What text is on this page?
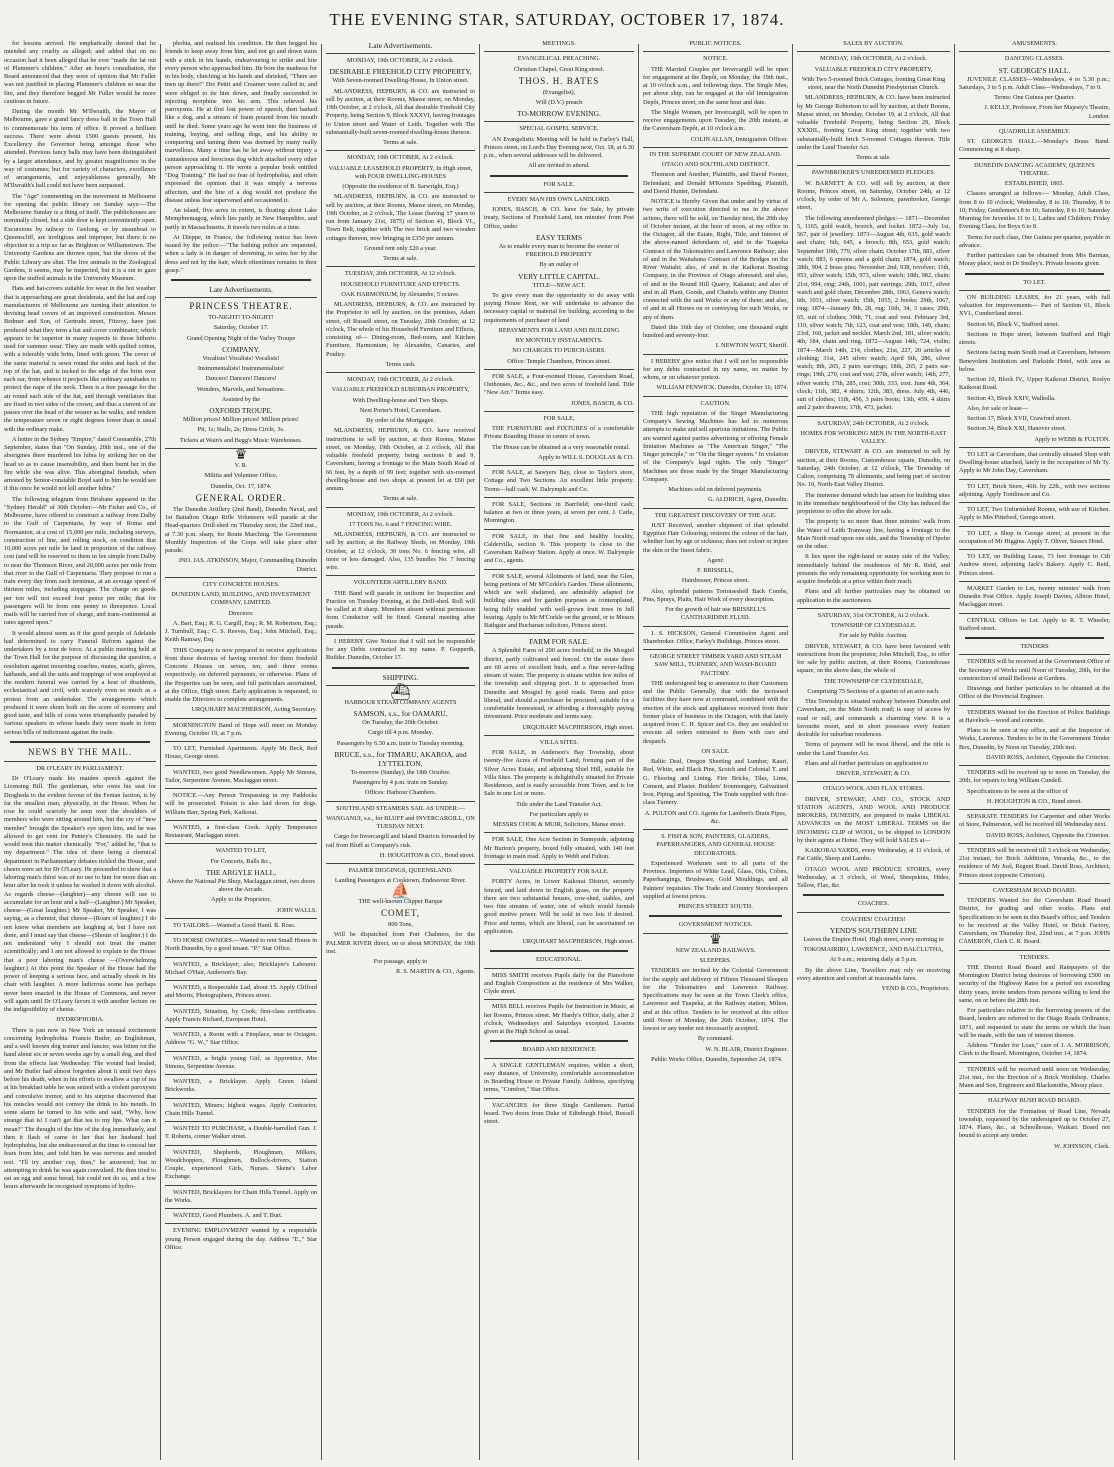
THE EVENING STAR, SATURDAY, OCTOBER 17, 1874.

for lessons arrived. He emphatically denied that he intended any cruelty as alleged; and added that on no occasion had it been alleged that he ever "made the fat out of Plummer's children." After an hour's consultation, the Board announced that they were of opinion that Mr Fuller was not justified in placing Plummer's children so near the fire, and they therefore begged Mr Fuller would be more cautious in future.

During the month Mr M'Ilwraith, the Mayor of Melbourne, gave a grand fancy dress ball in the Town Hall to commemorate his term of office. It proved a brilliant success. There were about 1500 guests present, his Excellency the Governor being amongst those who attended. Previous fancy balls may have been distinguished by a larger attendance, and by greater magnificence in the way of costumes; but for variety of characters, excellence of arrangements, and enjoyableness generally, Mr M'Ilwraith's ball could not have been surpassed.

The "Age" commenting on the movement in Melbourne for opening the public library on Sunday says:—The Melbourne Sunday is a thing of itself. The publichouses are nominally closed, but a side door is kept conveniently open. Excursions by railway to Geelong, or by steamboat to Queenscliff, are irreligious and improper, but there is no objection to a trip so far as Brighton or Williamstown. The University Gardens are thrown open, but the doors of the Public Library are shut. The live animals in the Zoological Gardens, it seems, may be inspected, but it is a sin to gaze upon the stuffed animals in the University Museum.

Hats and hat-covers suitable for wear in the hot weather that is approaching are great desiderata, and the hat and cap manufacturers of Melbourne are turning their attention to devising head covers of an improved construction. Messrs Bedmer and Son, of Gertrude street, Fitzroy, have just produced what they term a hat and cover combinator, which appears to be superior in many respects to those hitherto used for summer wear. They are made with quilted cotton, with a tolerably wide brim, lined with green. The cover of the same material is sewn round the sides and back of the top of the hat, and is tucked to the edge of the brim over each ear, from whence it projects like ordinary sunshades to protect the nape of the neck. There is a free passage for the air round each side of the hat, and through ventilators that are fixed in two sides of the crown, and thus a current of air passes over the head of the wearer as he walks, and renders the temperature seven or eight degrees lower than is usual with the ordinary make.

A hotter in the Sydney "Empire," dated Coonamble, 27th September, states that "On Sunday, 20th inst., one of the aborigines there murdered his lubra by striking her on the head so as to cause insensibility, and then burnt her in the fire while she was alive. This aboriginal fiendish, when arrested by Senior-constable Boyd said to him he would see if this once he would not kill another lubra."

The following telegram from Brisbane appeared in the "Sydney Herald" of 30th October:—Mr Fisher and Co., of Melbourne, have offered to construct a railway from Dalby to the Gulf of Carpentaria, by way of Roma and Normanton, at a cost of 15,000 per mile, including surveys, construction of line, and rolling stock, on condition that 10,000 acres per mile be land in proportion of the railway cost (and will be reserved to them in fee simple from Dalby to near the Thomson River, and 20,000 acres per mile from that river to the Gulf of Carpentaria. They propose to run a train every day from each terminus, at an average speed of thirteen miles, including stoppages. The charge on goods per ton will not exceed four pence per mile; that for passengers will be from one penny to threepence. Local mails will be carried free of charge, and trans-continental at rates agreed upon."

It would almost seem as if the good people of Adelaide had determined to carry Funeral Reform against the undertakers by a tour de force. At a public meeting held at the Town Hall for the purpose of discussing the question, a resolution against mourning coaches, mutes, scarfs, gloves, hatbands, and all the suits and trappings of woe employed at the modern funeral was carried by a host of dissidents, ecclesiastical and civil, with scarcely even so much as a protest from an undertaker. The arrangements which produced it were shorn both on the score of economy and good taste, and bills of costs were triumphantly paraded by various speakers in whose hands they were made to form serious bills of indictment against the trade.

NEWS BY THE MAIL.

DR O'LEARY IN PARLIAMENT.

Dr O'Leary made his maiden speech against the Licensing Bill. The gentleman, who owes his seat for Drogheda to the evident favour of the Fenian faction, is by far the smallest man, physically, in the House. When he rose he could scarcely be seen over the shoulders of members who were sitting around him, but the cry of "new member" brought the Speaker's eye upon him, and he was allowed to get vent for Pentey's Chemistry. He said he would treat this matter chemically. "For," added he, "that is my department." The idea of there being a chemical department in Parliamentary debates tickled the House, and cheers were set for Dr O'Leary. He proceeded to show that a laboring man's thirst was of no use to him for more than an hour after he took it unless he washed it down with alcohol. As regards cheese—(laughter)—any cheese will use to accumulate for an hour and a half—(Laughter.) Mr Speaker, cheese—(Great laughter.) Mr Speaker, Mr Speaker, I was saying, as a chemist, that cheese—(Roars of laughter.) I do not know what members are laughing at, but I have not done, and I must say that cheese—(Shouts of laughter.) I do not understand why I should not treat the matter scientifically; and I am not allowed to explain to the House that a poor laboring man's cheese —(Overwhelming laughter.) At this point the Speaker of the House had the power of keeping a serious face, and actually shook in his chair with laughter. A more ludicrous scene has perhaps never been enacted in the House of Commons, and never will again until Dr O'Leary favors it with another lecture on the indigestibility of cheese.

HYDROPHOBIA.

There is just now in New York an unusual excitement concerning hydrophobia. Francis Butler, an Englishman, and a well known dog trainer and fancier, was bitten on the hand about six or seven weeks ago by a small dog, and died from the effects last Wednesday. The wound had healed, and Mr Butler had almost forgotten about it until two days before his death, when in his efforts to swallow a cup of tea at his breakfast table he was seized with a violent paroxysm and convulsive tremor, and to his surprise discovered that his muscles would not convey the drink to his mouth. In some alarm he turned to his wife and said, "Why, how strange that is! I can't get that tea to my lips. What can it mean?" The thought of the bite of the dog immediately, and then it flash of came to her that her husband had hydrophobia, but she endeavoured at the time to conceal her fears from him, and told him he was nervous and needed rest. "I'll try another cup, then," he answered; but in attempting to drink he was again convulsed. He then tried to eat an egg and some bread, but could not do so, and a few hours afterwards he recognised symptoms of hydro-

phobia, and realised his condition. He then begged his friends to keep away from him, and not go and down stairs with a stick in his hands, endeavouring to strike and bite every person who approached him. He bore the madness for in his body, clutching at his hands and shrieked, "There are men up there!" Drs Pettit and Creamer were called in, and were obliged to tie him down, and finally succeeded in injecting morphine into his arm. This relieved his paroxysms. He at first lost power of speech, then barked like a dog, and a stream of foam poured from his mouth until he died. Some years ago he went into the business of training, buying, and selling dogs, and his ability in conquering and taming them was deemed by many really marvellous. Many a time has he let away without injury a cantankerous and ferocious dog which attacked every other person approaching it. He wrote a popular book entitled "Dog Training." He had no fear of hydrophobia, and often expressed the opinion that it was simply a nervous affection, and the bite of a dog would not produce the disease unless fear supervened and occasioned it.

An island, five acres in extent, is floating about Lake Memphremagog, which lies partly in New Hampshire, and partly in Massachusetts. It travels two miles at a time.

At Dieppe, in France, the following notice has been issued by the police:—"The bathing police are requested, when a lady is in danger of drowning, to seize her by the dress and not by the hair, which oftentimes remains in their grasp."

Late Advertisements.

PRINCESS THEATRE.

TO-NIGHT! TO-NIGHT!

Saturday, October 17.

Grand Opening Night of the Varley Troupe

COMPANY.

Vocalists! Vocalists! Vocalists!

Instrumentalists! Instrumentalists!

Dancers! Dancers! Dancers!

Wonders, Marvels, and Sensations.

Assisted by the

OXFORD TROUPE.

Million prices! Million prices! Million prices!

Pit, 1s; Stalls, 2s; Dress Circle, 3s.

Tickets at Wain's and Begg's Music Warehouses.

♛

V. R.

Militia and Volunteer Office,

Dunedin, Oct. 17, 1874.

GENERAL ORDER.

The Dunedin Artillery (2nd Band), Dunedin Naval, and 1st Battalion Otago Rifle Volunteers will parade at the Head-quarters Drill-shed on Thursday next, the 22nd inst., at 7.30 p.m. sharp, for Route Marching. The Government Monthly Inspection of the Corps will take place after parade.

JNO. JAS. ATKINSON, Major, Commanding Dunedin District.

CITY CONCRETE HOUSES.

DUNEDIN LAND, BUILDING, AND INVESTMENT COMPANY, LIMITED.

Directors:

A. Bart, Esq.; R. G. Cargill, Esq.; R. M. Robertson, Esq.; J. Turnbull, Esq.; C. S. Reeves, Esq.; John Mitchell, Esq.; Keith Ramsay, Esq.

THIS Company is now prepared to receive applications from those desirous of having erected for them freehold Concrete Houses on seven, ten, and three rooms respectively, on deferred payments, or otherwise. Plans of the Properties can be seen, and full particulars ascertained, at the Office, High street. Early application is requested, to enable the Directors to complete arrangements.

URQUHART MACPHERSON, Acting Secretary.

MORNINGTON Band of Hope will meet on Monday Evening, October 19, at 7 p.m.

TO LET, Furnished Apartments. Apply Mr Beck, Red House, George street.

WANTED, two good Needlewomen. Apply Mr Simons, Tailor, Serpentine Avenue, Maclaggan street.

NOTICE.—Any Person Trespassing in my Paddocks will be prosecuted. Poison is also laid down for dogs. William Barr, Spring Park, Kaikorai.

WANTED, a first-class Cook. Apply Temperance Restaurant, Maclaggan street.

WANTED TO LET,

For Concerts, Balls &c.,

THE ARGYLE HALL,

Above the National Pie Shop, Maclaggan street, two doors above the Arcade.

Apply to the Proprietor,

JOHN WALLS.

TO TAILORS.—Wanted a Good Hand. R. Ross.

TO HORSE OWNERS.—Wanted to rent Small House in North Dunedin, by a good tenant. "P." Star Office.

WANTED, a Bricklayer; also, Bricklayer's Labourer. Michael O'Hair, Anderson's Bay.

WANTED, a Respectable Lad, about 15. Apply Clifford and Morris, Photographers, Princes street.

WANTED, Situation, by Cook; first-class certificates. Apply Francis Richard, European Hotel.

WANTED, a Room with a Fireplace, near to Octagon. Address "G. W.," Star Office.

WANTED, a bright young Girl, as Apprentice. Mrs Simons, Serpentine Avenue.

WANTED, a Bricklayer. Apply Green Island Brickworks.

WANTED, Miners; highest wages. Apply Contractor, Chain Hills Tunnel.

WANTED TO PURCHASE, a Double-barrelled Gun. J. T. Roberts, corner Walker street.

WANTED, Shepherds, Ploughmen, Milkers, Woodchoppers, Ploughmen, Bullock-drivers, Station Couple, experienced Girls, Nurses. Skene's Labor Exchange.

WANTED, Bricklayers for Chain Hills Tunnel. Apply on the Works.

WANTED, Good Plumbers. A. and T. Burt.

EVENING EMPLOYMENT wanted by a respectable young Person engaged during the day. Address "E.," Star Office.

Late Advertisements.

MONDAY, 19th OCTOBER, At 2 o'clock.

DESIRABLE FREEHOLD CITY PROPERTY,

With Seven-roomed Dwelling-House, In Union street.

MLANDRESS, HEPBURN, & CO. are instructed to sell by auction, at their Rooms, Manse street, on Monday, 19th October, at 2 o'clock, All that desirable Freehold City Property, being Section 9, Block XXXVI, having frontages to Union street and Water of Leith. Together with The substantially-built seven-roomed dwelling-house thereon.

Terms at sale.

MONDAY, 19th OCTOBER, At 2 o'clock.

VALUABLE LEASEHOLD PROPERTY, In High street, with FOUR DWELLING-HOUSES

(Opposite the residence of B. Sarwright, Esq.)

MLANDRESS, HEPBURN, & CO. are instructed to sell by auction, at their Rooms, Manse street, on Monday, 19th October, at 2 o'clock, The Lease (having 17 years to run from January 21st, 1875) of Section 41, Block VI., Town Belt, together with The two brick and two wooden cottages thereon, now bringing in £350 per annum.

Ground rent only £20 a year.

Terms at sale.

TUESDAY, 20th OCTOBER, At 12 o'clock.

HOUSEHOLD FURNITURE AND EFFECTS.

OAK HARMONIUM, by Alexandre, 5 octave.

MLANDRESS, HEPBURN, & CO. are instructed by the Proprietor to sell by auction, on the premises, Adam street, off Russell street, on Tuesday, 20th October, at 12 o'clock, The whole of his Household Furniture and Effects, consisting of— Dining-room, Bed-room, and Kitchen Furniture, Harmonium, by Alexandre, Canaries, and Poultry.

Terms cash.

MONDAY, 19th OCTOBER, At 2 o'clock.

VALUABLE FREEHOLD SUBURBAN PROPERTY,

With Dwelling-house and Two Shops.

Next Porter's Hotel, Caversham.

By order of the Mortgagee.

MLANDRESS, HEPBURN, & CO. have received instructions to sell by auction, at their Rooms, Manse street, on Monday, 19th October, at 2 o'clock, All that valuable freehold property, being sections 8 and 9, Caversham, having a frontage to the Main South Road of 66 feet, by a depth of 99 feet; together with six-roomed dwelling-house and two shops at present let at £60 per annum.

Terms at sale.

MONDAY, 19th OCTOBER, At 2 o'clock.

17 TONS No. 6 and 7 FENCING WIRE.

MLANDRESS, HEPBURN, & CO. are instructed to sell by auction, at the Railway Sheds, on Monday, 19th October, at 12 o'clock, 30 tons No. 6 fencing wire, all more or less damaged. Also, 135 bundles No. 7 fencing wire.

VOLUNTEER ARTILLERY BAND.

THE Band will parade in uniform for Inspection and Practice on Tuesday Evening, at the Drill-shed. Roll will be called at 8 sharp. Members absent without permission from Conductor will be fined. General meeting after parade.

I HEREBY Give Notice that I will not be responsible for any Debts contracted in my name. P. Gopperth, Builder. Dunedin, October 17.

SHIPPING.

⛴

HARBOUR STEAM COMPANY AGENTS

SAMSON, s.s., for OAMARU,

On Tuesday, the 20th October.

Cargo till 4 p.m. Monday.

Passengers by 6.30 a.m. train to Tuesday morning.

BRUCE, s.s., for TIMARU, AKAROA, and LYTTELTON,

To-morrow (Sunday), the 18th October.

Passengers by 4 p.m. train on Sunday.

Offices: Harbour Chambers.

SOUTHLAND STEAMERS SAIL AS UNDER:—

WANGANUI, s.s., for BLUFF and INVERCARGILL, ON TUESDAY NEXT.

Cargo for Invercargill and Island Districts forwarded by rail from Bluff at Company's risk.

H. HOUGHTON & CO., Bond street.

PALMER DIGGINGS, QUEENSLAND.

Landing Passengers at Cooktown, Endeavour River.

⛵

THE well-known Clipper Barque

COMET,

800 Tons,

Will be dispatched from Port Chalmers, for the PALMER RIVER direct, on or about MONDAY, the 19th inst.

For passage, apply to

R. S. MARTIN & CO., Agents.

MEETINGS.

EVANGELICAL PREACHING.

Christian Chapel, Great King street.

THOS. H. BATES

(Evangelist),

Will (D.V.) preach

TO-MORROW EVENING.

SPECIAL GOSPEL SERVICE.

AN Evangelistic Meeting will be held in Farley's Hall, Princes street, on Lord's Day Evening next, Oct. 18, at 6.30 p.m., when several addresses will be delivered.

All are invited to attend.

FOR SALE.

EVERY MAN HIS OWN LANDLORD.

JONES, BASCH, & CO. have for Sale, by private treaty, Sections of Freehold Land, ten minutes' from Post Office, under

EASY TERMS

As to enable every man to become the owner of FREEHOLD PROPERTY

By an outlay of

VERY LITTLE CAPITAL.

TITLE—NEW ACT.

To give every man the opportunity to do away with paying House Rent, we will undertake to advance the necessary capital or material for building, according to the requirements of purchaser of land

REPAYMENTS FOR LAND AND BUILDING

BY MONTHLY INSTALMENTS.

NO CHARGES TO PURCHASERS.

Office: Temple Chambers, Princes street.

FOR SALE, a Four-roomed House, Caversham Road, Outhouses, &c., &c., and two acres of freehold land. Title "New Act." Terms easy.

JONES, BASCH, & CO.

FOR SALE,

THE FURNITURE and FIXTURES of a comfortable Private Boarding House in centre of town.

The House can be obtained at a very reasonable rental.

Apply to WILL S. DOUGLAS & CO.

FOR SALE, at Sawyers Bay, close to Taylor's store, Cottage and Two Sections. An excellent little property. Terms—half cash. W. Dalrymple and Co.

FOR SALE, Sections in Barrfield; one-third cash; balance at two or three years, at seven per cent. J. Carle, Mornington.

FOR SALE, in that fine and healthy locality, Caldervilla, section 9. This property is close to the Caversham Railway Station. Apply at once. W. Dalrymple and Co., agents.

FOR SALE, several Allotments of land, near the Glen, being portions of Mr M'Corkle's Garden. These allotments, which are well sheltered, are admirably adapted for building sites and for garden purposes as contemplated, being fully studded with well-grown fruit trees in full bearing. Apply to Mr M'Corkle on the ground, or to Messrs Bathgate and Buchanan solicitors, Princes street.

FARM FOR SALE.

A Splendid Farm of 200 acres freehold, in the Mosgiel district, partly cultivated and fenced. On the estate there are 60 acres of excellent bush, and a fine never-failing stream of water. The property is situate within few miles of the township and shipping port. It is approached from Dunedin and Mosgiel by good roads. Terms and price liberal, and should a purchaser be procured, suitable for a comfortable homestead, or affording a thoroughly paying investment. Price moderate and terms easy.

URQUHART MACPHERSON, High street.

VILLA SITES.

FOR SALE, in Anderson's Bay Township, about twenty-five Acres of Freehold Land, forming part of the Silver Acres Estate, and adjoining Shiel Hill, suitable for Villa Sites. The property is delightfully situated for Private Residences, and is easily accessible from Town, and is for Sale in one Lot or more.

Title under the Land Transfer Act.

For particulars apply to

MESSRS COOK & MUIR, Solicitors, Manse street.

FOR SALE, One Acre Section in Sunnyside, adjoining Mr Burton's property, boxed fully situated, with 140 feet frontage to main road. Apply to Webb and Fulton.

VALUABLE PROPERTY FOR SALE.

FORTY Acres, in Lower Kaikorai District, securely fenced, and laid down in English grass, on the property there are two substantial houses, cow-shed, stables, and two fine streams of water, one of which would furnish good motive power. Will be sold in two lots if desired. Price and terms, which are liberal, can be ascertained on application.

URQUHART MACPHERSON, High street.

EDUCATIONAL.

MISS SMITH receives Pupils daily for the Pianoforte and English Composition at the residence of Mrs Walker, Clyde street.

MISS BELL receives Pupils for Instruction in Music, at her Rooms, Princes street. Mr Hardy's Office, daily, after 2 o'clock, Wednesdays and Saturdays excepted. Lessons given at the High School as usual.

BOARD AND RESIDENCE

A SINGLE GENTLEMAN requires, within a short, easy distance, of University, comfortable accommodation in Boarding House or Private Family. Address, specifying terms, "Comfort," Star Office.

VACANCIES for three Single Gentlemen. Partial board. Two doors from Duke of Edinburgh Hotel, Russell street.

PUBLIC NOTICES.

NOTICE.

THE Married Couples per Invercargill will be open for engagement at the Depôt, on Monday, the 19th inst., at 10 o'clock a.m., and following days. The Single Men, per above ship, can be engaged at the old Immigration Depôt, Princes street, on the same hour and date.

The Single Women, per Invercargill, will be open to receive engagements upon Tuesday, the 20th instant, at the Caversham Depôt, at 10 o'clock a.m.

COLIN ALLAN, Immigration Officer.

IN THE SUPREME COURT OF NEW ZEALAND.

OTAGO AND SOUTHLAND DISTRICT.

Thomson and Another, Plaintiffs, and David Forster, Defendant; and Donald M'Kenzie Spedding, Plaintiff, and David Hunter, Defendant.

NOTICE is Hereby Given that under and by virtue of two writs of execution directed to me in the above actions, there will be sold, on Tuesday next, the 20th day of October instant, at the hour of noon, at my office in the Octagon, all the Estate, Right, Title, and Interest of the above-named defendants of, and in the Tuapeka Contract of the Tokomairiro and Lawrence Railway; also of and in the Waitahuna Contract of the Bridges on the River Waitahi; also, of and in the Kaikorai Boating Company, in the Province of Otago aforesaid; and also, of and in the Round Hill Quarry, Kakanui; and also of and in all Plant, Goods, and Chattels within any District connected with the said Works or any of them; and also, of and in all Horses on or conveying for such Works, or any of them.

Dated this 16th day of October, one thousand eight hundred and seventy-four.

I. NEWTON WATT, Sheriff.

I HEREBY give notice that I will not be responsible for any debts contracted in my name, no matter by whom, or on whatever pretext.

WILLIAM FENWICK. Dunedin, October 16, 1874.

CAUTION.

THE high reputation of the Singer Manufacturing Company's Sewing Machines has led to numerous attempts to make and sell spurious imitations. The Public are warned against parties advertising or offering Female Imitation Machines as "The American Singer," "The Singer principle," or "On the Singer system." In violation of the Company's legal rights. The only "Singer" Machines are those made by the Singer Manufacturing Company.

Machines sold on deferred payments.

G. ALDRICH, Agent, Dunedin.

THE GREATEST DISCOVERY OF THE AGE.

JUST Received, another shipment of that splendid Egyptian Hair Colouring; restores the colour of the hair, whether lost by age or sickness; does not colour or injure the skin or the finest fabric.

Agent:

F. BRISSELL,

Hairdresser, Princes street.

Also, splendid patterns Tortoiseshell Back Combs, Pins, Sprays, Plaits, Hair Work of every description.

For the growth of hair use BRISSELL'S CANTHARIDINE FLUID.

J. S. HICKSON, General Commission Agent and Sharebroker. Office, Farley's Buildings, Princes street.

GEORGE STREET TIMBER YARD AND STEAM SAW MILL, TURNERY, AND WASH-BOARD FACTORY.

THE undersigned beg to announce to their Customers and the Public Generally, that with the increased facilities they have now at command, combined with the erection of the stock and appliances received from their former place of business in the Octagon, with that lately acquired from C. H. Spicer and Co. they are enabled to execute all orders entrusted to them with care and despatch.

ON SALE.

Baltic Deal, Oregon Sheeting and Lumber, Kauri, Red, White, and Black Pine, Scotch and Colonial T. and G. Flooring and Lining. Fire Bricks, Tiles, Lime, Cement, and Plaster. Builders' Ironmongery, Galvanised Iron, Piping, and Spouting. The Trade supplied with first-class Turnery.

A. PULTON and CO. Agents for Lambert's Drain Pipes, &c.

S. FISH & SON, PAINTERS, GLAZIERS, PAPERHANGERS, AND GENERAL HOUSE DECORATORS.

Experienced Workmen sent to all parts of the Province. Importers of White Lead, Glass, Oils, Colors, Paperhangings, Brushware, Gold Mouldings, and all Painters' requisites. The Trade and Country Storekeepers supplied at lowest prices.

PRINCES STREET SOUTH.

GOVERNMENT NOTICES.

♛

NEW ZEALAND RAILWAYS.

SLEEPERS.

TENDERS are invited by the Colonial Government for the supply and delivery of Fifteen Thousand Sleepers for the Tokomairiro and Lawrence Railway. Specifications may be seen at the Town Clerk's office, Lawrence and Tuapeka, at the Railway station, Milton, and at this office. Tenders to be received at this office until Noon of Monday, the 26th October, 1874. The lowest or any tender not necessarily accepted.

By command.

W. N. BLAIR, District Engineer.

Public Works Office, Dunedin, September 24, 1874.

SALES BY AUCTION.

MONDAY, 19th OCTOBER, At 2 o'clock.

VALUABLE FREEHOLD CITY PROPERTY,

With Two 5-roomed Brick Cottages, fronting Great King street, near the North Dunedin Presbyterian Church.

MLANDRESS, HEPBURN, & CO. have been instructed by Mr George Robertson to sell by auction, at their Rooms, Manse street, on Monday, October 19, at 2 o'clock, All that valuable Freehold Property, being Section 29, Block XXXIII., fronting Great King street; together with two substantially-built brick 5-roomed Cottages thereon. Title under the Land Transfer Act.

Terms at sale.

PAWNBROKER'S UNREDEEMED PLEDGES.

W. BARNETT & CO. will sell by auction, at their Rooms, Princes street, on Saturday, October 24th, at 12 o'clock, by order of Mr A. Solomon, pawnbroker, George street,

The following unredeemed pledges:— 1871—December 5, 1165, gold watch, brooch, and locket. 1872—July 1st, 567, pair of jewellery. 1873—August 4th, 635, gold watch and chain; 6th, 645, a brooch; 8th, 653, gold watch; September 10th, 779, silver chain; October 17th, 881, silver watch; 883, 6 spoons and a gold chain; 1874, gold watch; 28th, 904, 2 brass pins; November 2nd, 938, revolver; 11th, 953, silver watch; 15th, 973, silver watch; 18th, 982, chain; 21st, 994, ring; 24th, 1001, pair earrings; 29th, 1017, silver watch and gold chain; December 28th, 1063, Geneva watch; 6th, 1031, silver watch; 15th, 1055, 2 books; 29th, 1067, ring; 1874—January 9th, 28, rug; 16th, 34, 3 cases; 29th, 65, suit of clothes; 30th, 71, coat and vest. February 3rd, 110, silver watch; 7th, 123, coat and vest; 18th, 149, chain; 23rd, 160, jacket and necklet. March 2nd, 181, silver watch; 4th, 184, chain and ring. 1872—August 14th, 724, violin; 1874—March 14th, 214, clothes; 21st, 227, 20 articles of clothing; 31st, 245 silver watch; April 9th, 286, silver watch; 8th, 265, 2 pairs ear-rings; 18th, 265, 2 pairs ear-rings; 19th, 270, coat and vest; 27th, silver watch; 14th, 277, silver watch; 17th, 285, cost; 30th, 333, cost. June 4th, 364, clock; 11th, 382, 4 shirts; 12th, 383, dress. July 4th, 446, suit of clothes; 11th, 456, 3 pairs boots; 13th, 459, 4 shirts and 2 pairs drawers; 17th, 473, jacket.

SATURDAY, 24th OCTOBER, At 2 o'clock.

HOMES FOR WORKING MEN IN THE NORTH-EAST VALLEY.

DRIVER, STEWART & CO. are instructed to sell by auction, at their Rooms, Customhouse square, Dunedin, on Saturday, 24th October, at 12 o'clock, The Township of Calton, comprising 78 allotments, and being part of section No. 10, North-East Valley District.

The immense demand which has arisen for building sites in the immediate neighbourhood of the City has induced the proprietors to offer the above for sale.

The property is no more than three minutes' walk from the Water of Leith Tramway line, having a frontage to the Main North road upon one side, and the Township of Opoho on the other.

It lies upon the right-hand or sunny side of the Valley, immediately behind the residences of Mr R. Reid, and presents the only remaining opportunity for working men to acquire freeholds at a price within their reach.

Plans and all further particulars may be obtained on application to the auctioneers.

SATURDAY, 31st OCTOBER, At 2 o'clock.

TOWNSHIP OF CLYDESDALE.

For sale by Public Auction.

DRIVER, STEWART, & CO. have been favoured with instructions from the proprietor, John Mitchell, Esq., to offer for sale by public auction, at their Rooms, Customhouse square, on the above date, the whole of

THE TOWNSHIP OF CLYDESDALE,

Comprising 75 Sections of a quarter of an acre each.

This Township is situated midway between Dunedin and Caversham, on the Main South road; is easy of access by road or rail, and commands a charming view. It is a favourite resort, and in short possesses every feature desirable for suburban residences.

Terms of payment will be most liberal, and the title is under the Land Transfer Act.

Plans and all further particulars on application to

DRIVER, STEWART, & CO.

OTAGO WOOL AND FLAX STORES.

DRIVER, STEWART, AND CO., STOCK AND STATION AGENTS, AND WOOL AND PRODUCE BROKERS, DUNEDIN, are prepared to make LIBERAL ADVANCES on the MOST LIBERAL TERMS on the INCOMING CLIP of WOOL, to be shipped to LONDON by their agents at Home. They will hold SALES at—

KAIKORAI YARDS, every Wednesday, at 11 o'clock, of Fat Cattle, Sheep and Lambs.

OTAGO WOOL AND PRODUCE STORES, every Wednesday, at 3 o'clock, of Wool, Sheepskins, Hides, Tallow, Flax, &c.

COACHES.

COACHES! COACHES!

YEND'S SOUTHERN LINE

Leaves the Empire Hotel, High street, every morning to

TOKOMAIRIRO, LAWRENCE, AND BALCLUTHA,

At 9 a.m.; returning daily at 5 p.m.

By the above Line, Travellers may rely on receiving every attention and comfort at reasonable fares.

YEND & CO., Proprietors.

AMUSEMENTS.

DANCING CLASSES.

ST. GEORGE'S HALL.

JUVENILE CLASSES—Wednesdays, 4 to 5.30 p.m.; Saturdays, 3 to 5 p.m. Adult Class—Wednesdays, 7 to 9.

Terms: One Guinea per Quarter.

J. KELLY, Professor, From her Majesty's Theatre, London.

QUADRILLE ASSEMBLY.

ST. GEORGE'S HALL.—Monday's Brass Band. Commencing at 8 sharp.

DUNEDIN DANCING ACADEMY, QUEEN'S THEATRE.

ESTABLISHED, 1865.

Classes arranged as follows:— Monday, Adult Class, from 8 to 10 o'clock; Wednesday, 8 to 10; Thursday, 8 to 10; Friday, Gentlemen's 8 to 10; Saturday, 8 to 10; Saturday Morning for Juveniles 11 to 1; Ladies and Children; Friday Evening Class, for Boys 6 to 8.

Terms for each class, One Guinea per quarter, payable in advance.

Further particulars can be obtained from Mrs Barman, Moray place, next to Dr Smiley's. Private lessons given.

TO LET.

ON BUILDING LEASES, for 21 years, with full valuation for improvements— Part of Section 61, Block XVI., Cumberland street.

Section 66, Block V., Stafford street.

Sections in Hope street, between Stafford and High streets.

Sections facing main South road at Caversham, between Benevolent Institution and Parkside Hotel, with area as below.

Section 10, Block IV., Upper Kaikorai District, Roslyn Kaikorai Road.

Section 43, Block XXIV, Walholla.

Also, for sale or lease—

Section 17, Block XVII, Crawford street.

Section 34, Block XXI, Hanover street.

Apply to WEBB & FULTON.

TO LET at Caversham, that centrally situated Shop with Dwelling-house attached, lately in the occupation of Mr Ty. Apply to Mr John Day, Caversham.

TO LET, Brick Store, 46ft. by 22ft., with two sections adjoining. Apply Tomlinson and Co.

TO LET, Two Unfurnished Rooms, with use of Kitchen. Apply to Mrs Pitteford, George street.

TO LET, a Shop in George street, at present in the occupation of Mr Higgins. Apply T. Oliver, Sussex Hotel.

TO LET, on Building Lease, 73 feet frontage to Cth Andrew street, adjoining Jack's Bakery. Apply C. Reid, Princes street.

MARKET Garden to Let, twenty minutes' walk from Dunedin Post Office. Apply Joseph Davies, Albion Hotel, Maclaggan street.

CENTRAL Offices to Let. Apply to R. T. Wheeler, Stafford street.

TENDERS

TENDERS will be received at the Government Office of the Secretary of Works until Noon of Tuesday, 20th, for the construction of small Bellowie at Gardens.

Drawings and further particulars to be obtained at the Office of the Provincial Engineer.

TENDERS Wanted for the Erection of Police Buildings at Havelock—wood and concrete.

Plans to be seen at my office, and at the Inspector of Works, Lawrence. Tenders to be in the Government Tender Box, Dunedin, by Noon on Tuesday, 20th inst.

DAVID ROSS, Architect, Opposite the Criterion.

TENDERS will be received up to noon on Tuesday, the 20th, for repairs to brig William Cundell.

Specifications to be seen at the office of

H. HOUGHTON & CO., Bond street.

SEPARATE TENDERS for Carpenter and other Works of Store, Palmerston, will be received till Wednesday next.

DAVID ROSS, Architect, Opposite the Criterion.

TENDERS will be received till 3 o'clock on Wednesday, 21st instant, for Brick Additions, Veranda, &c., to the residence of Mr Joel, Regent Road. David Ross, Architect, Princes street (opposite Criterion).

CAVERSHAM ROAD BOARD.

TENDERS Wanted for the Caversham Road Board District, for grading and other works. Plans and Specifications to be seen in this Board's office, and Tenders to be received at the Valley Hotel, or Brick Factory, Caversham, on Thursday first, 22nd inst., at 7 p.m. JOHN CAMERON, Clerk C. R. Board.

TENDERS.

THE District Road Board and Ratepayers of the Mornington District being desirous of borrowing £500 on security of the Highway Rates for a period not exceeding thirty years, invite tenders from persons willing to lend the same, on or before the 28th inst.

For particulars relative to the borrowing powers of the Board, lenders are referred to the Otago Roads Ordinance, 1871, and requested to state the terms on which the loan will be made, with the rate of interest thereon.

Address "Tender for Loan," care of J. A. MORRISON, Clerk to the Board. Mornington, October 14, 1874.

TENDERS will be received until noon on Wednesday, 21st inst., for the Erection of a Brick Workshop. Charles Mann and Son, Engineers and Blacksmiths, Moray place.

HALFWAY BUSH ROAD BOARD.

TENDERS for the Formation of Road Line, Nevada township, requested by the undersigned up to October 27, 1874. Plans, &c., at Schoolhouse, Waikari. Board not bound to accept any tender.

W. JOHNSON, Clerk.
